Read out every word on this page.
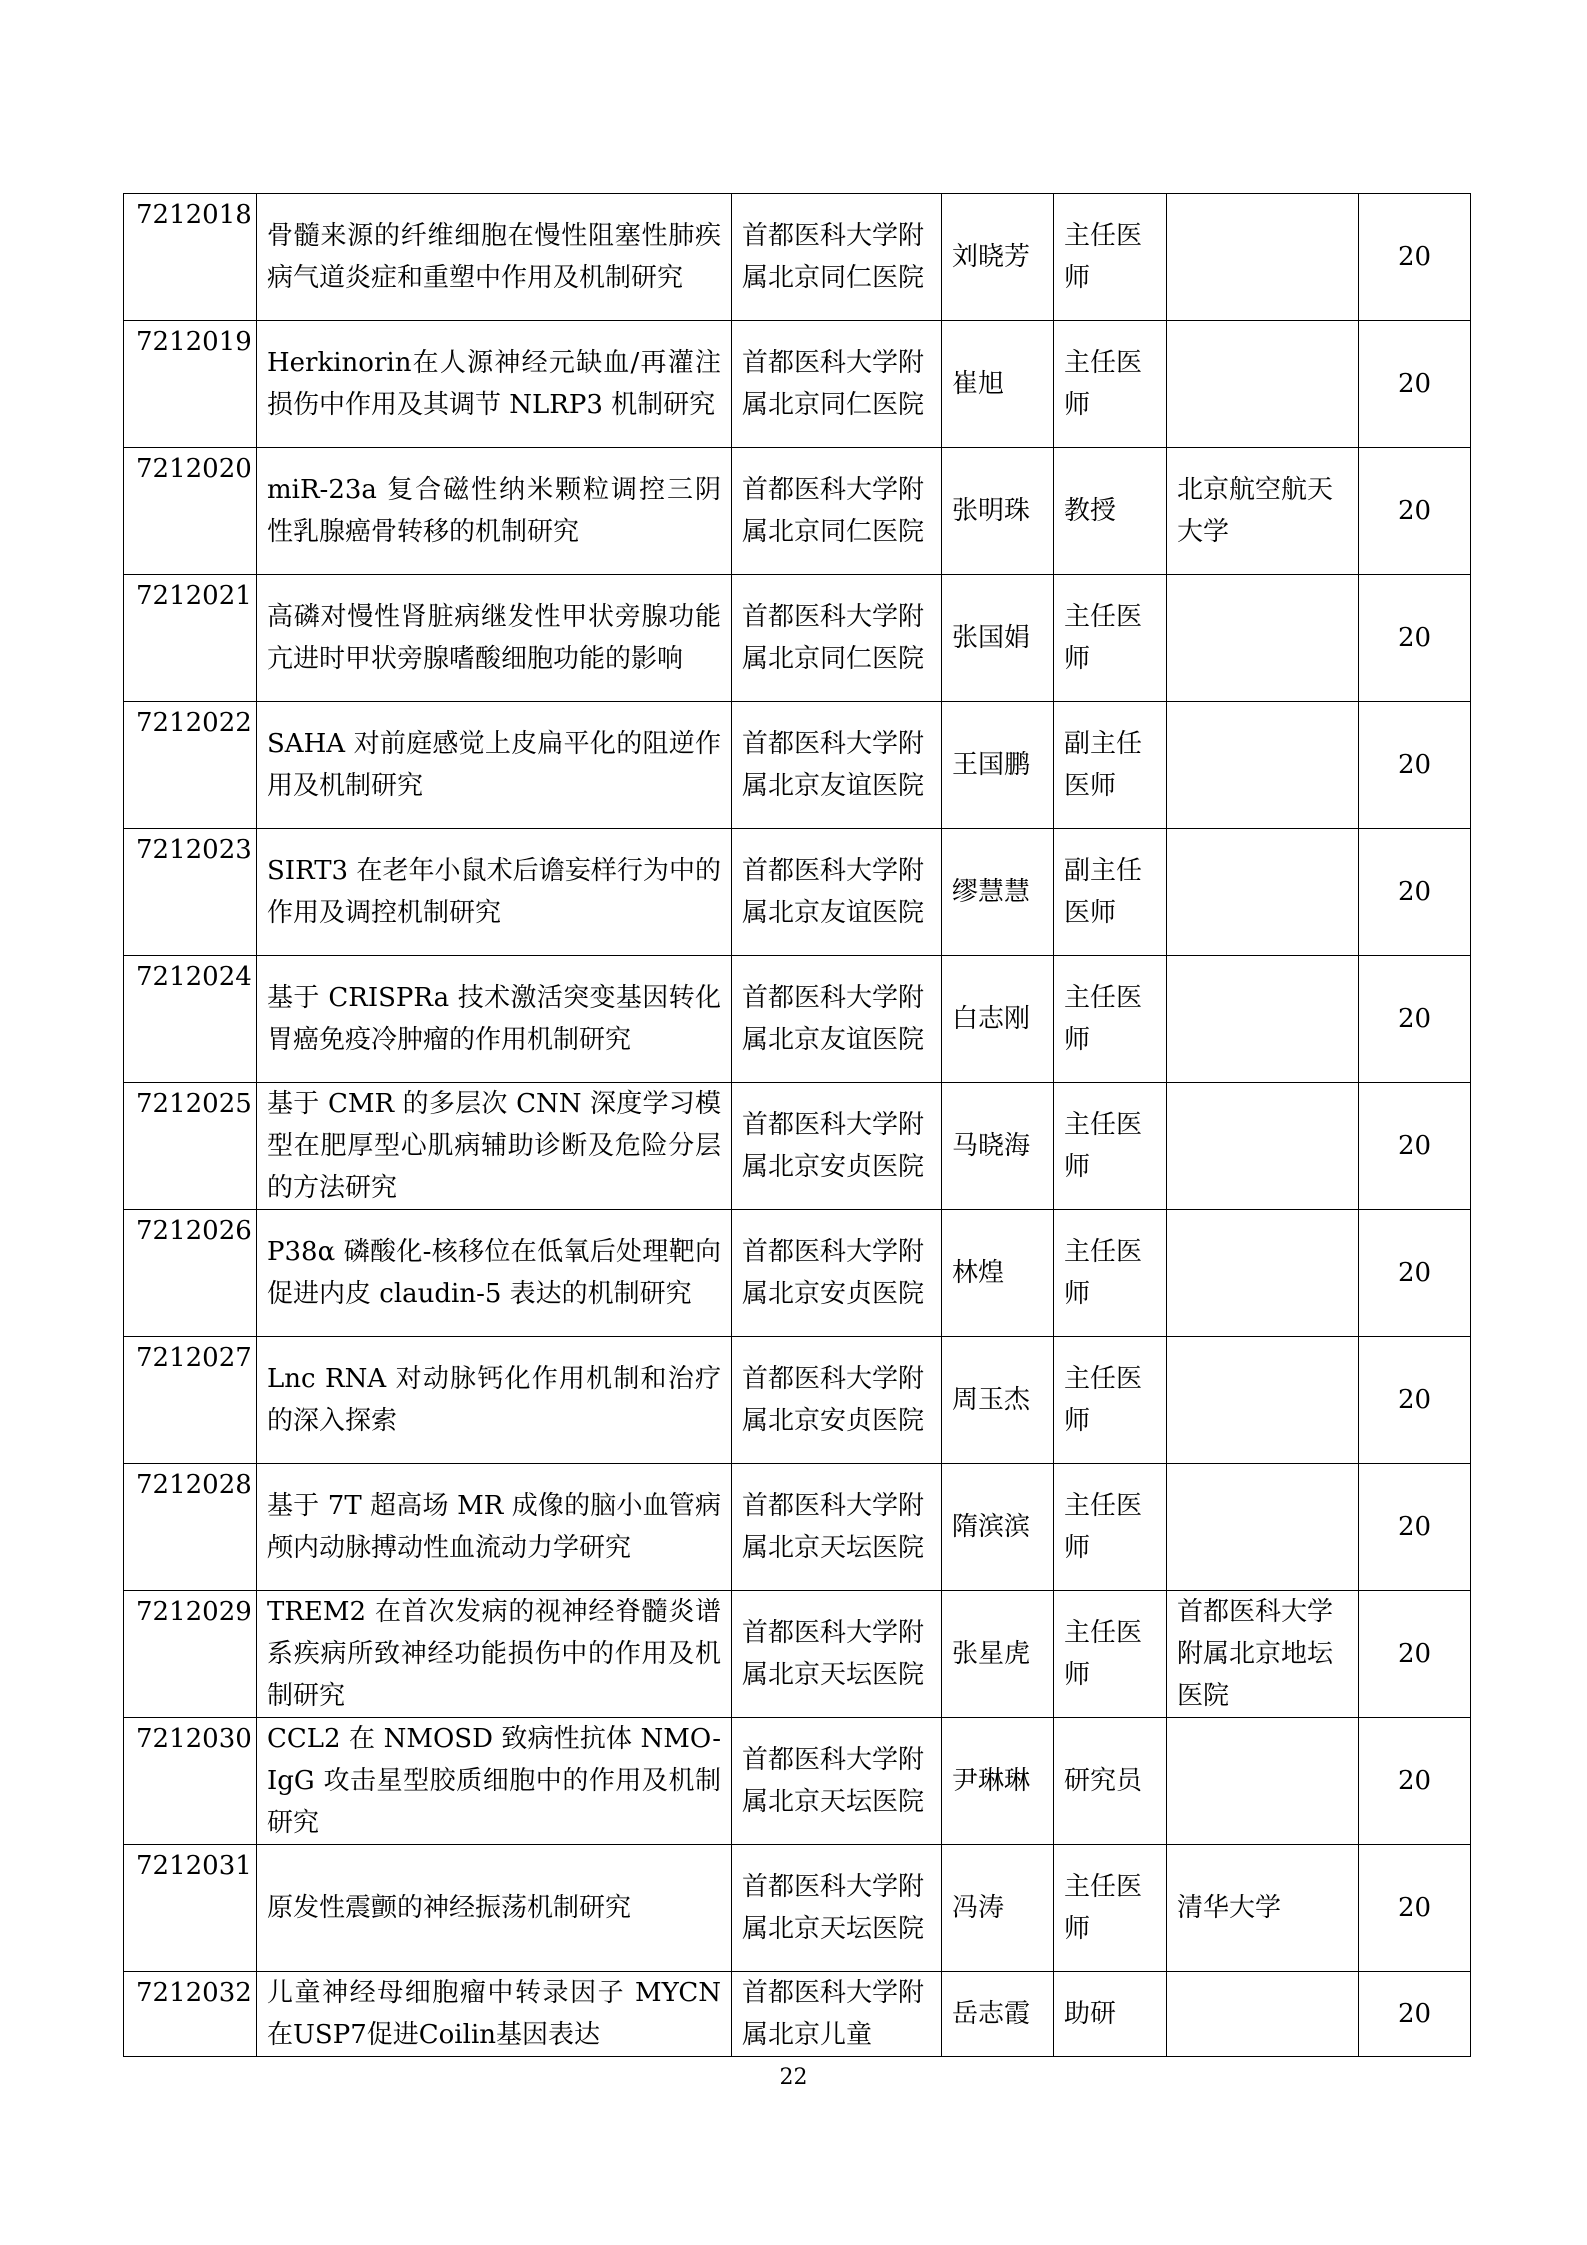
7212018	骨髓来源的纤维细胞在慢性阻塞性肺疾病气道炎症和重塑中作用及机制研究	首都医科大学附属北京同仁医院	刘晓芳	主任医师		20
7212019	Herkinorin在人源神经元缺血/再灌注损伤中作用及其调节 NLRP3 机制研究	首都医科大学附属北京同仁医院	崔旭	主任医师		20
7212020	miR-23a 复合磁性纳米颗粒调控三阴性乳腺癌骨转移的机制研究	首都医科大学附属北京同仁医院	张明珠	教授	北京航空航天大学	20
7212021	高磷对慢性肾脏病继发性甲状旁腺功能亢进时甲状旁腺嗜酸细胞功能的影响	首都医科大学附属北京同仁医院	张国娟	主任医师		20
7212022	SAHA 对前庭感觉上皮扁平化的阻逆作用及机制研究	首都医科大学附属北京友谊医院	王国鹏	副主任医师		20
7212023	SIRT3 在老年小鼠术后谵妄样行为中的作用及调控机制研究	首都医科大学附属北京友谊医院	缪慧慧	副主任医师		20
7212024	基于 CRISPRa 技术激活突变基因转化胃癌免疫冷肿瘤的作用机制研究	首都医科大学附属北京友谊医院	白志刚	主任医师		20
7212025	基于 CMR 的多层次 CNN 深度学习模型在肥厚型心肌病辅助诊断及危险分层的方法研究	首都医科大学附属北京安贞医院	马晓海	主任医师		20
7212026	P38α 磷酸化-核移位在低氧后处理靶向促进内皮 claudin-5 表达的机制研究	首都医科大学附属北京安贞医院	林煌	主任医师		20
7212027	Lnc RNA 对动脉钙化作用机制和治疗的深入探索	首都医科大学附属北京安贞医院	周玉杰	主任医师		20
7212028	基于 7T 超高场 MR 成像的脑小血管病颅内动脉搏动性血流动力学研究	首都医科大学附属北京天坛医院	隋滨滨	主任医师		20
7212029	TREM2 在首次发病的视神经脊髓炎谱系疾病所致神经功能损伤中的作用及机制研究	首都医科大学附属北京天坛医院	张星虎	主任医师	首都医科大学附属北京地坛医院	20
7212030	CCL2 在 NMOSD 致病性抗体 NMO-IgG 攻击星型胶质细胞中的作用及机制研究	首都医科大学附属北京天坛医院	尹琳琳	研究员		20
7212031	原发性震颤的神经振荡机制研究	首都医科大学附属北京天坛医院	冯涛	主任医师	清华大学	20
7212032	儿童神经母细胞瘤中转录因子 MYCN 在USP7促进Coilin基因表达	首都医科大学附属北京儿童	岳志霞	助研		20
22
